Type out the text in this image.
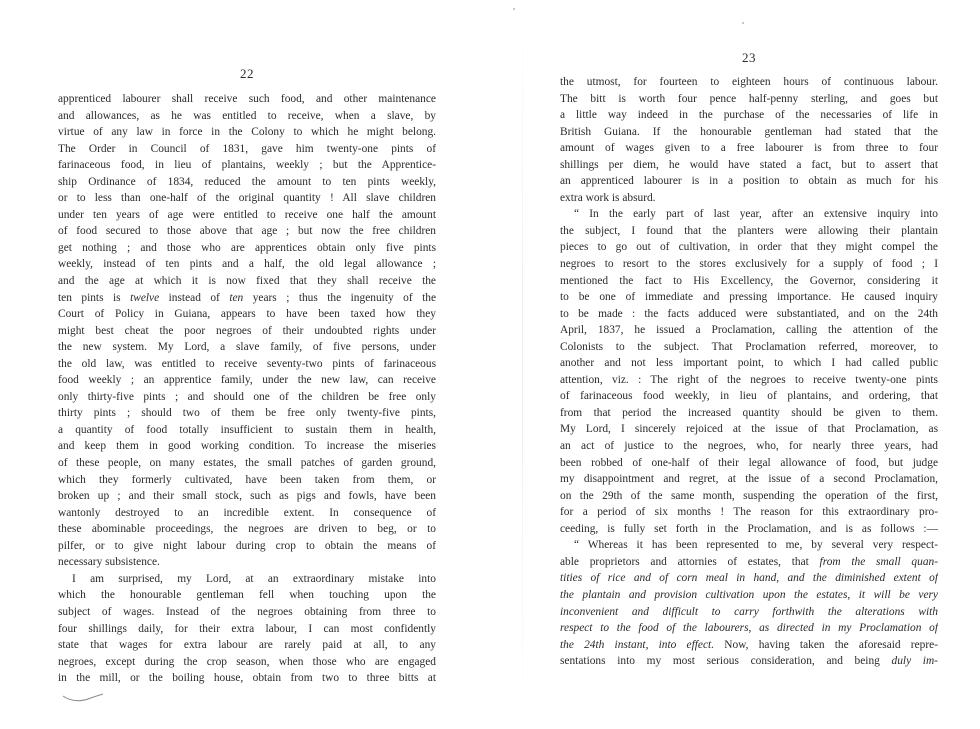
22
apprenticed labourer shall receive such food, and other maintenance
and allowances, as he was entitled to receive, when a slave, by
virtue of any law in force in the Colony to which he might belong.
The Order in Council of 1831, gave him twenty-one pints of
farinaceous food, in lieu of plantains, weekly ; but the Apprentice-
ship Ordinance of 1834, reduced the amount to ten pints weekly,
or to less than one-half of the original quantity ! All slave children
under ten years of age were entitled to receive one half the amount
of food secured to those above that age ; but now the free children
get nothing ; and those who are apprentices obtain only five pints
weekly, instead of ten pints and a half, the old legal allowance ;
and the age at which it is now fixed that they shall receive the
ten pints is twelve instead of ten years ; thus the ingenuity of the
Court of Policy in Guiana, appears to have been taxed how they
might best cheat the poor negroes of their undoubted rights under
the new system. My Lord, a slave family, of five persons, under
the old law, was entitled to receive seventy-two pints of farinaceous
food weekly ; an apprentice family, under the new law, can receive
only thirty-five pints ; and should one of the children be free only
thirty pints ; should two of them be free only twenty-five pints,
a quantity of food totally insufficient to sustain them in health,
and keep them in good working condition. To increase the miseries
of these people, on many estates, the small patches of garden ground,
which they formerly cultivated, have been taken from them, or
broken up ; and their small stock, such as pigs and fowls, have been
wantonly destroyed to an incredible extent. In consequence of
these abominable proceedings, the negroes are driven to beg, or to
pilfer, or to give night labour during crop to obtain the means of
necessary subsistence.
I am surprised, my Lord, at an extraordinary mistake into
which the honourable gentleman fell when touching upon the
subject of wages. Instead of the negroes obtaining from three to
four shillings daily, for their extra labour, I can most confidently
state that wages for extra labour are rarely paid at all, to any
negroes, except during the crop season, when those who are engaged
in the mill, or the boiling house, obtain from two to three bitts at
23
the utmost, for fourteen to eighteen hours of continuous labour.
The bitt is worth four pence half-penny sterling, and goes but
a little way indeed in the purchase of the necessaries of life in
British Guiana. If the honourable gentleman had stated that the
amount of wages given to a free labourer is from three to four
shillings per diem, he would have stated a fact, but to assert that
an apprenticed labourer is in a position to obtain as much for his
extra work is absurd.
“ In the early part of last year, after an extensive inquiry into
the subject, I found that the planters were allowing their plantain
pieces to go out of cultivation, in order that they might compel the
negroes to resort to the stores exclusively for a supply of food ; I
mentioned the fact to His Excellency, the Governor, considering it
to be one of immediate and pressing importance. He caused inquiry
to be made : the facts adduced were substantiated, and on the 24th
April, 1837, he issued a Proclamation, calling the attention of the
Colonists to the subject. That Proclamation referred, moreover, to
another and not less important point, to which I had called public
attention, viz. : The right of the negroes to receive twenty-one pints
of farinaceous food weekly, in lieu of plantains, and ordering, that
from that period the increased quantity should be given to them.
My Lord, I sincerely rejoiced at the issue of that Proclamation, as
an act of justice to the negroes, who, for nearly three years, had
been robbed of one-half of their legal allowance of food, but judge
my disappointment and regret, at the issue of a second Proclamation,
on the 29th of the same month, suspending the operation of the first,
for a period of six months ! The reason for this extraordinary pro-
ceeding, is fully set forth in the Proclamation, and is as follows :—
“ Whereas it has been represented to me, by several very respect-
able proprietors and attornies of estates, that from the small quan-
tities of rice and of corn meal in hand, and the diminished extent of
the plantain and provision cultivation upon the estates, it will be very
inconvenient and difficult to carry forthwith the alterations with
respect to the food of the labourers, as directed in my Proclamation of
the 24th instant, into effect. Now, having taken the aforesaid repre-
sentations into my most serious consideration, and being duly im-
